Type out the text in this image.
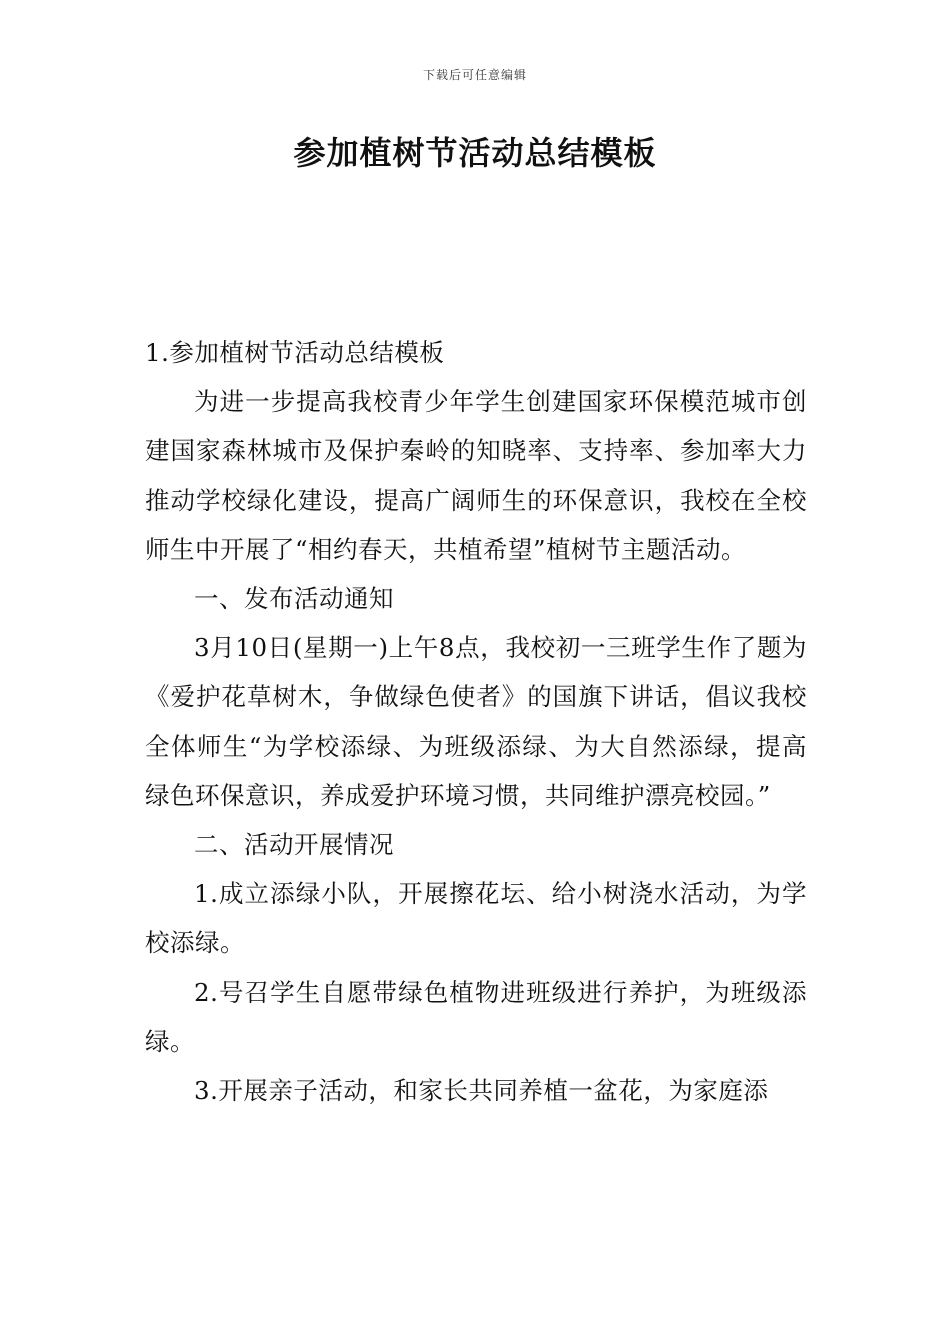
下载后可任意编辑
参加植树节活动总结模板

1.参加植树节活动总结模板

为进一步提高我校青少年学生创建国家环保模范城市创建国家森林城市及保护秦岭的知晓率、支持率、参加率大力推动学校绿化建设，提高广阔师生的环保意识，我校在全校师生中开展了“相约春天，共植希望”植树节主题活动。

一、发布活动通知

3月10日(星期一)上午8点，我校初一三班学生作了题为《爱护花草树木，争做绿色使者》的国旗下讲话，倡议我校全体师生“为学校添绿、为班级添绿、为大自然添绿，提高绿色环保意识，养成爱护环境习惯，共同维护漂亮校园。”

二、活动开展情况

1.成立添绿小队，开展擦花坛、给小树浇水活动，为学校添绿。

2.号召学生自愿带绿色植物进班级进行养护，为班级添绿。

3.开展亲子活动，和家长共同养植一盆花，为家庭添
